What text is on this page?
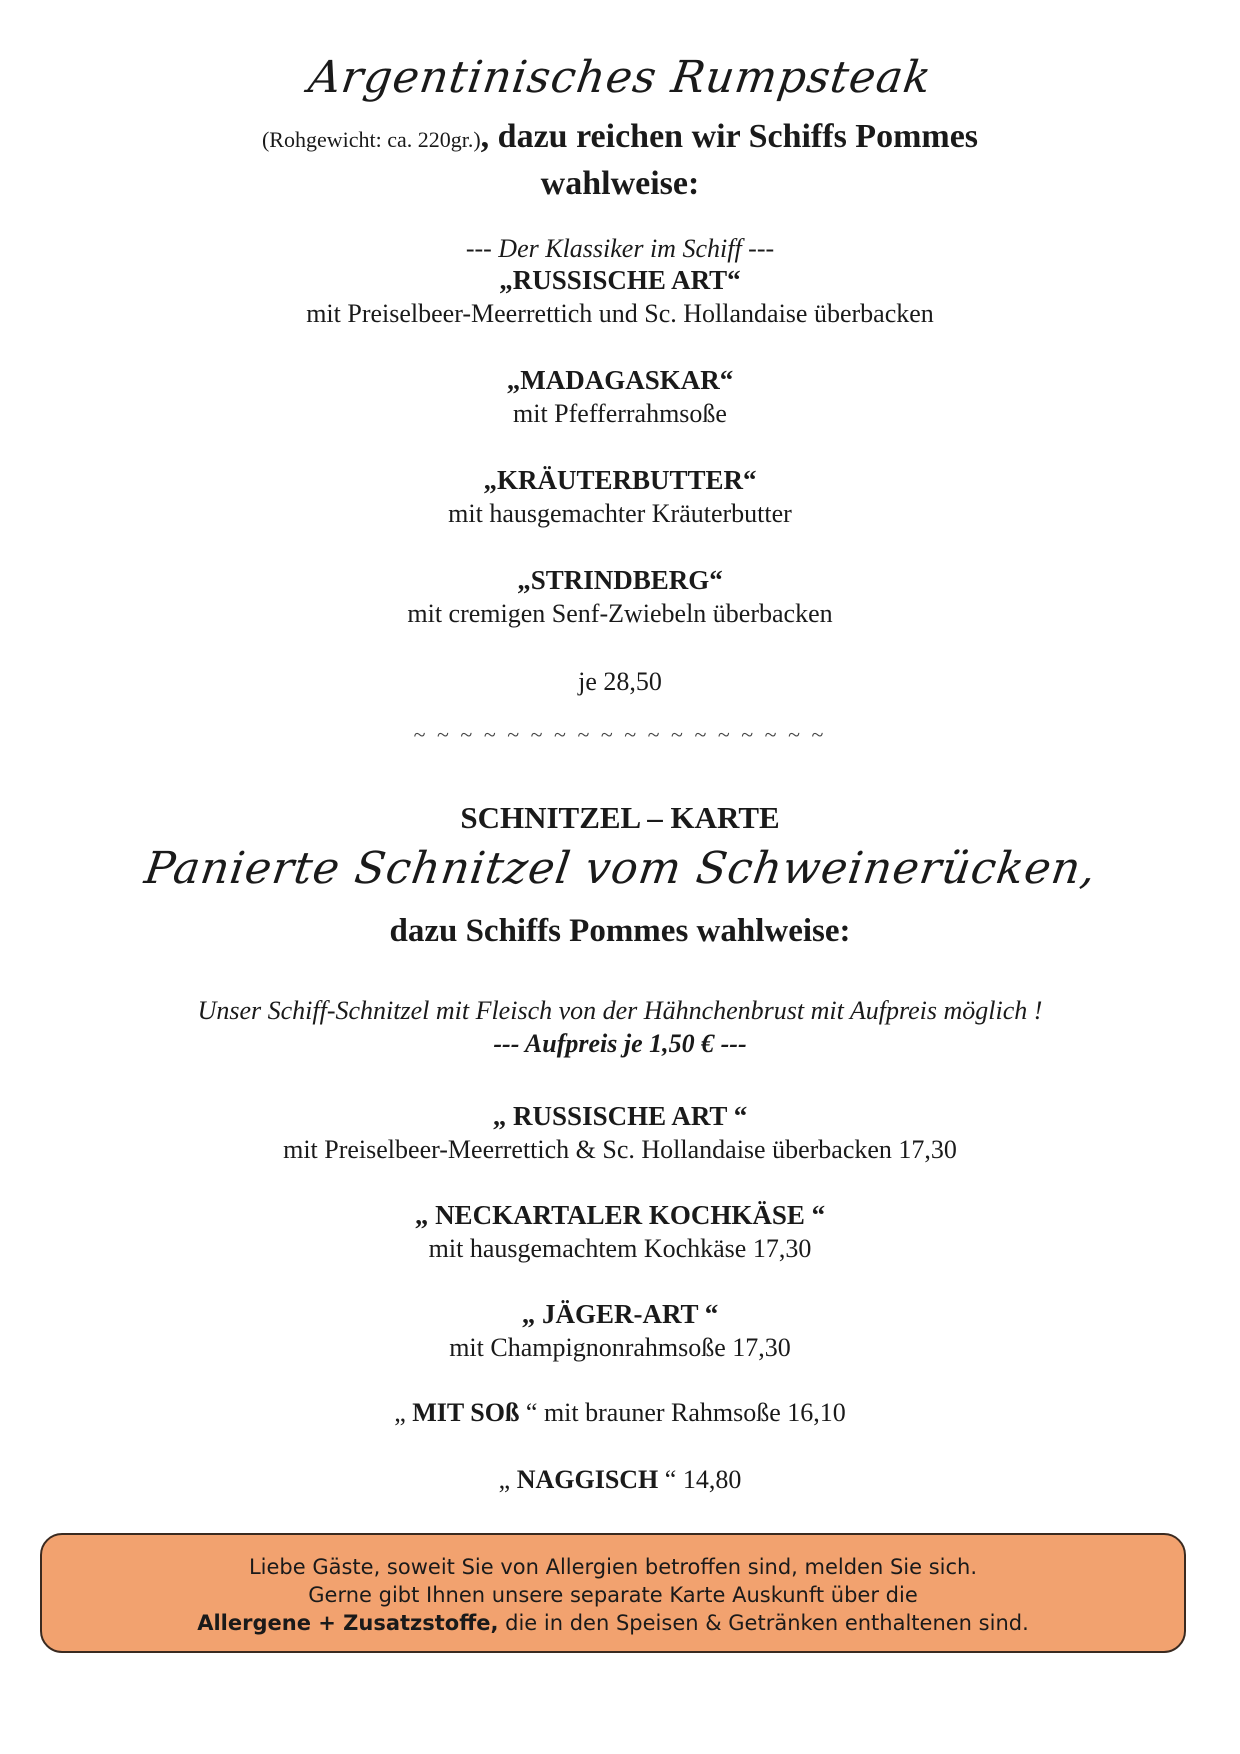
Argentinisches Rumpsteak
(Rohgewicht: ca. 220gr.), dazu reichen wir Schiffs Pommes
wahlweise:
--- Der Klassiker im Schiff ---
„RUSSISCHE ART“
mit Preiselbeer-Meerrettich und Sc. Hollandaise überbacken
„MADAGASKAR“
mit Pfefferrahmsoße
„KRÄUTERBUTTER“
mit hausgemachter Kräuterbutter
„STRINDBERG“
mit cremigen Senf-Zwiebeln überbacken
je 28,50
~ ~ ~ ~ ~ ~ ~ ~ ~ ~ ~ ~ ~ ~ ~ ~ ~ ~
SCHNITZEL – KARTE
Panierte Schnitzel vom Schweinerücken,
dazu Schiffs Pommes wahlweise:
Unser Schiff-Schnitzel mit Fleisch von der Hähnchenbrust mit Aufpreis möglich !
--- Aufpreis je 1,50 € ---
„ RUSSISCHE ART “
mit Preiselbeer-Meerrettich & Sc. Hollandaise überbacken 17,30
„ NECKARTALER KOCHKÄSE “
mit hausgemachtem Kochkäse 17,30
„ JÄGER-ART “
mit Champignonrahmsoße 17,30
„ MIT SOß “ mit brauner Rahmsoße 16,10
„ NAGGISCH “ 14,80
Liebe Gäste, soweit Sie von Allergien betroffen sind, melden Sie sich.
Gerne gibt Ihnen unsere separate Karte Auskunft über die
Allergene + Zusatzstoffe, die in den Speisen & Getränken enthaltenen sind.
